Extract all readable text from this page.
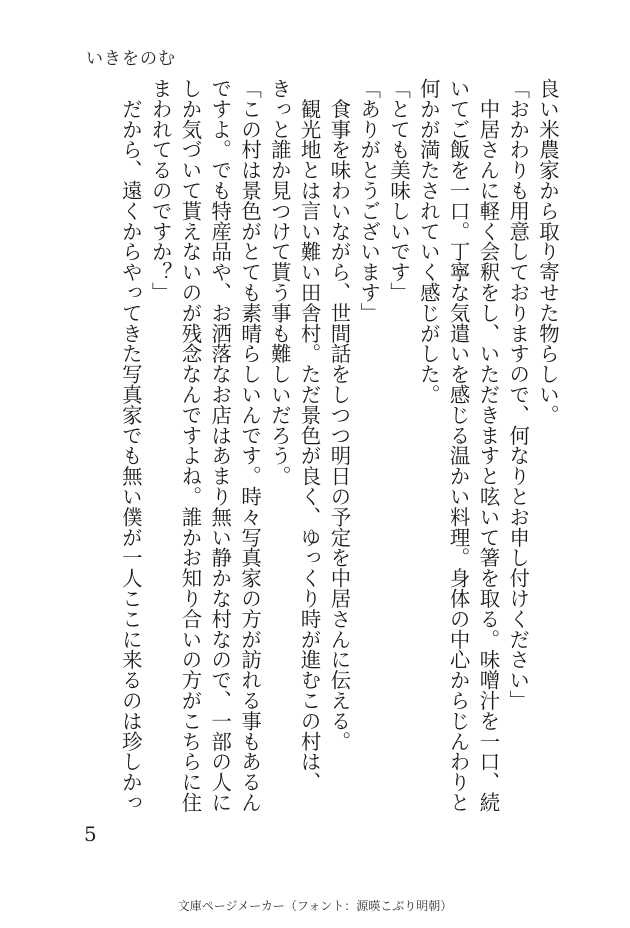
いきをのむ
良い米農家から取り寄せた物らしい。
「おかわりも用意しておりますので、何なりとお申し付けください」
　中居さんに軽く会釈をし、いただきますと呟いて箸を取る。味噌汁を一口、続
いてご飯を一口。丁寧な気遣いを感じる温かい料理。身体の中心からじんわりと
何かが満たされていく感じがした。
「とても美味しいです」
「ありがとうございます」
　食事を味わいながら、世間話をしつつ明日の予定を中居さんに伝える。
　観光地とは言い難い田舎村。ただ景色が良く、ゆっくり時が進むこの村は、
きっと誰か見つけて貰う事も難しいだろう。
「この村は景色がとても素晴らしいんです。時々写真家の方が訪れる事もあるん
ですよ。でも特産品や、お洒落なお店はあまり無い静かな村なので、一部の人に
しか気づいて貰えないのが残念なんですよね。誰かお知り合いの方がこちらに住
まわれてるのですか？」
　だから、遠くからやってきた写真家でも無い僕が一人ここに来るのは珍しかっ
5
文庫ページメーカー（フォント：源暎こぶり明朝）
